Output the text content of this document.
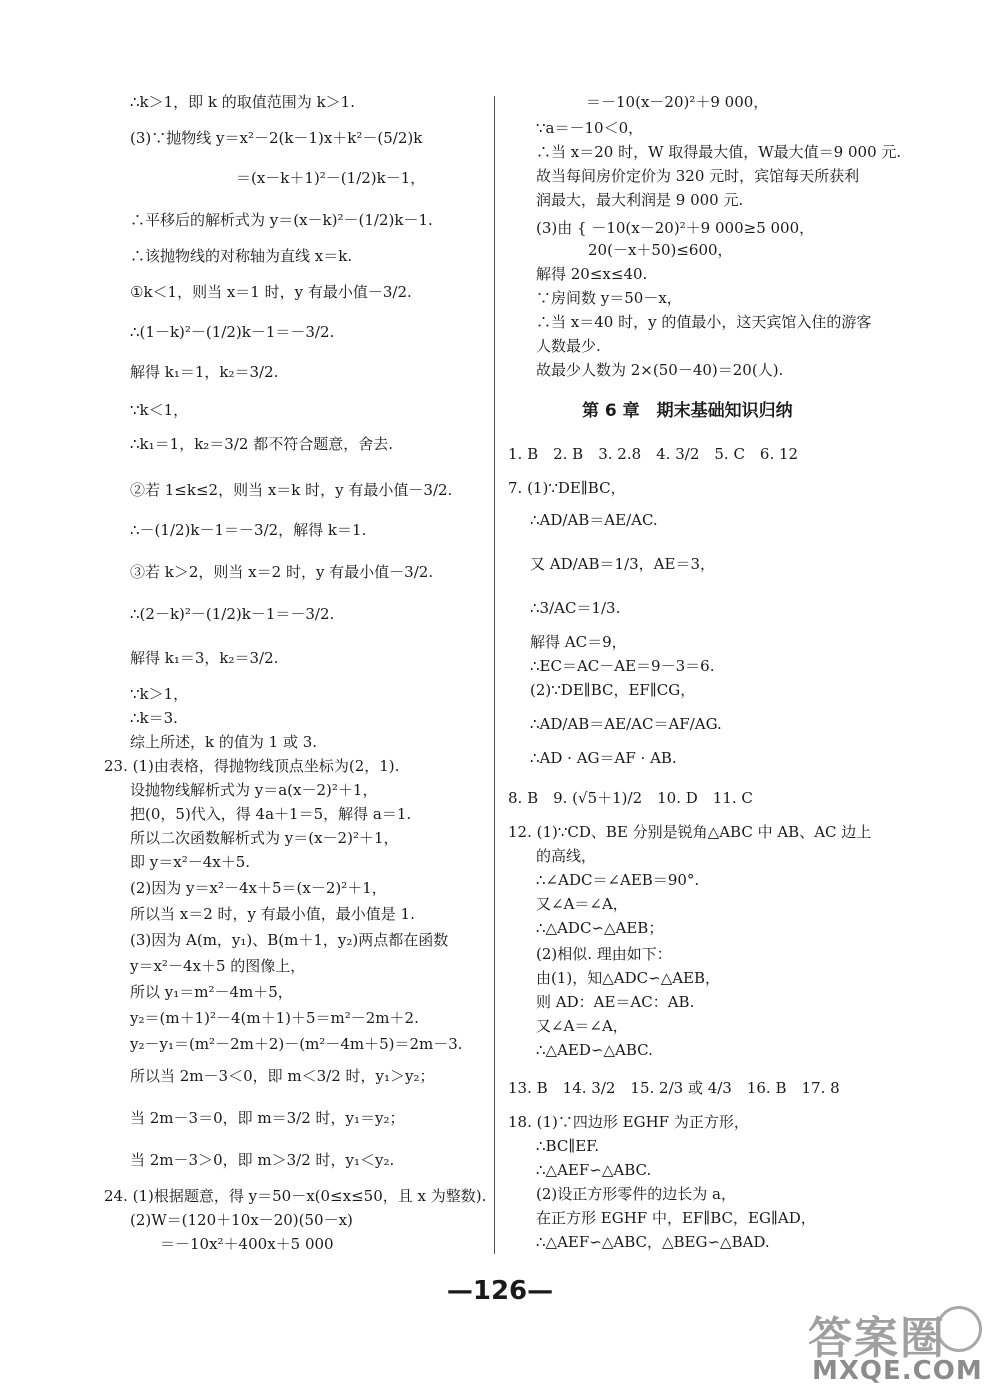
∴k＞1，即 k 的取值范围为 k＞1.
(3)∵抛物线 y＝x²－2(k－1)x＋k²－(5/2)k
＝(x－k＋1)²－(1/2)k－1，
∴平移后的解析式为 y＝(x－k)²－(1/2)k－1.
∴该抛物线的对称轴为直线 x＝k.
①k＜1，则当 x＝1 时，y 有最小值－3/2.
∴(1－k)²－(1/2)k－1＝－3/2.
解得 k₁＝1，k₂＝3/2.
∵k＜1，
∴k₁＝1，k₂＝3/2 都不符合题意，舍去.
②若 1≤k≤2，则当 x＝k 时，y 有最小值－3/2.
∴－(1/2)k－1＝－3/2，解得 k＝1.
③若 k＞2，则当 x＝2 时，y 有最小值－3/2.
∴(2－k)²－(1/2)k－1＝－3/2.
解得 k₁＝3，k₂＝3/2.
∵k＞1，
∴k＝3.
综上所述，k 的值为 1 或 3.
23. (1)由表格，得抛物线顶点坐标为(2，1).
设抛物线解析式为 y＝a(x－2)²＋1，
把(0，5)代入，得 4a＋1＝5，解得 a＝1.
所以二次函数解析式为 y＝(x－2)²＋1，
即 y＝x²－4x＋5.
(2)因为 y＝x²－4x＋5＝(x－2)²＋1，
所以当 x＝2 时，y 有最小值，最小值是 1.
(3)因为 A(m，y₁)、B(m＋1，y₂)两点都在函数
y＝x²－4x＋5 的图像上，
所以 y₁＝m²－4m＋5，
y₂＝(m＋1)²－4(m＋1)＋5＝m²－2m＋2.
y₂－y₁＝(m²－2m＋2)－(m²－4m＋5)＝2m－3.
所以当 2m－3＜0，即 m＜3/2 时，y₁＞y₂；
当 2m－3＝0，即 m＝3/2 时，y₁＝y₂；
当 2m－3＞0，即 m＞3/2 时，y₁＜y₂.
24. (1)根据题意，得 y＝50－x(0≤x≤50，且 x 为整数).
(2)W＝(120＋10x－20)(50－x)
＝－10x²＋400x＋5 000
＝－10(x－20)²＋9 000，
∵a＝－10＜0，
∴当 x＝20 时，W 取得最大值，W最大值＝9 000 元.
故当每间房价定价为 320 元时，宾馆每天所获利
润最大，最大利润是 9 000 元.
(3)由 { －10(x－20)²＋9 000≥5 000，
20(－x＋50)≤600，
解得 20≤x≤40.
∵房间数 y＝50－x，
∴当 x＝40 时，y 的值最小，这天宾馆入住的游客
人数最少.
故最少人数为 2×(50－40)＝20(人).
第 6 章　期末基础知识归纳
1. B　2. B　3. 2.8　4. 3/2　5. C　6. 12
7. (1)∵DE∥BC，
∴AD/AB＝AE/AC.
又 AD/AB＝1/3，AE＝3，
∴3/AC＝1/3.
解得 AC＝9，
∴EC＝AC－AE＝9－3＝6.
(2)∵DE∥BC，EF∥CG，
∴AD/AB＝AE/AC＝AF/AG.
∴AD · AG＝AF · AB.
8. B　9. (√5＋1)/2　10. D　11. C
12. (1)∵CD、BE 分别是锐角△ABC 中 AB、AC 边上
的高线，
∴∠ADC＝∠AEB＝90°.
又∠A＝∠A，
∴△ADC∽△AEB；
(2)相似. 理由如下：
由(1)，知△ADC∽△AEB，
则 AD：AE＝AC：AB.
又∠A＝∠A，
∴△AED∽△ABC.
13. B　14. 3/2　15. 2/3 或 4/3　16. B　17. 8
18. (1)∵四边形 EGHF 为正方形，
∴BC∥EF.
∴△AEF∽△ABC.
(2)设正方形零件的边长为 a，
在正方形 EGHF 中，EF∥BC，EG∥AD，
∴△AEF∽△ABC，△BEG∽△BAD.
—126—
答案圈
MXQE.COM
